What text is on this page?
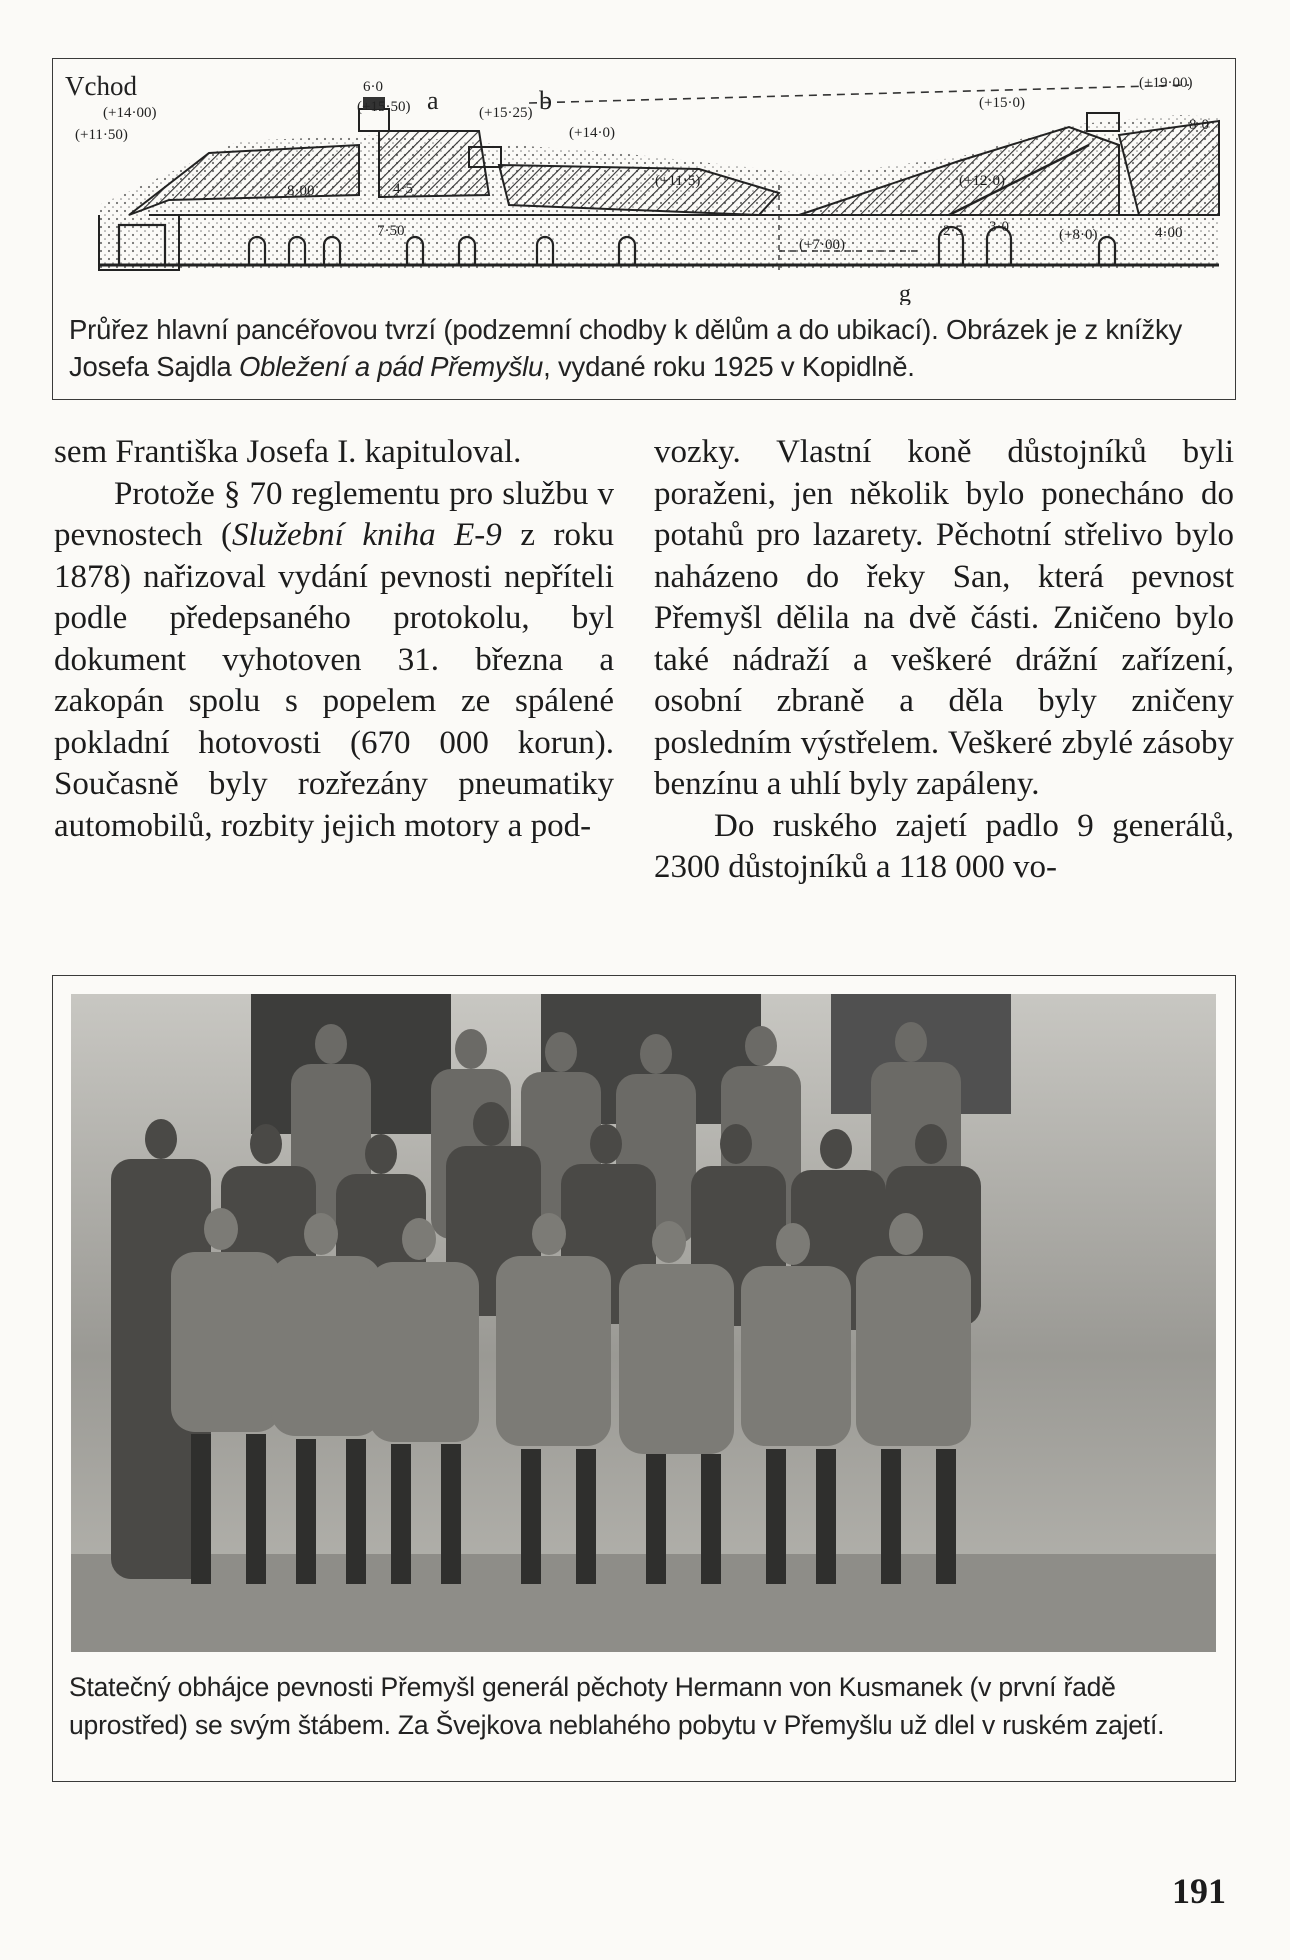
Vchod
(+14·00)
(+11·50)
6·0
(+15·50) a	(+15·25) b
(+19·00)
(+14·0)
(+15·0)
8·0
8·00	4·5
7·50
(+11·5)	(+12·0)
(+7·00)
2·5 3·0	(+8·0)	4·00
g
Průřez hlavní pancéřovou tvrzí (podzemní chodby k dělům a do ubikací). Obrázek je z knížky Josefa Sajdla Obležení a pád Přemyšlu, vydané roku 1925 v Kopidlně.

sem Františka Josefa I. kapituloval.

Protože § 70 reglementu pro službu v pevnostech (Služební kniha E-9 z roku 1878) nařizoval vydání pevnosti nepříteli podle předepsaného protokolu, byl dokument vyhotoven 31. března a zakopán spolu s popelem ze spálené pokladní hotovosti (670 000 korun). Současně byly rozřezány pneumatiky automobilů, rozbity jejich motory a pod-

vozky. Vlastní koně důstojníků byli poraženi, jen několik bylo ponecháno do potahů pro lazarety. Pěchotní střelivo bylo naházeno do řeky San, která pevnost Přemyšl dělila na dvě části. Zničeno bylo také nádraží a veškeré drážní zařízení, osobní zbraně a děla byly zničeny posledním výstřelem. Veškeré zbylé zásoby benzínu a uhlí byly zapáleny.

Do ruského zajetí padlo 9 generálů, 2300 důstojníků a 118 000 vo-

Statečný obhájce pevnosti Přemyšl generál pěchoty Hermann von Kusmanek (v první řadě uprostřed) se svým štábem. Za Švejkova neblahého pobytu v Přemyšlu už dlel v ruském zajetí.
191
